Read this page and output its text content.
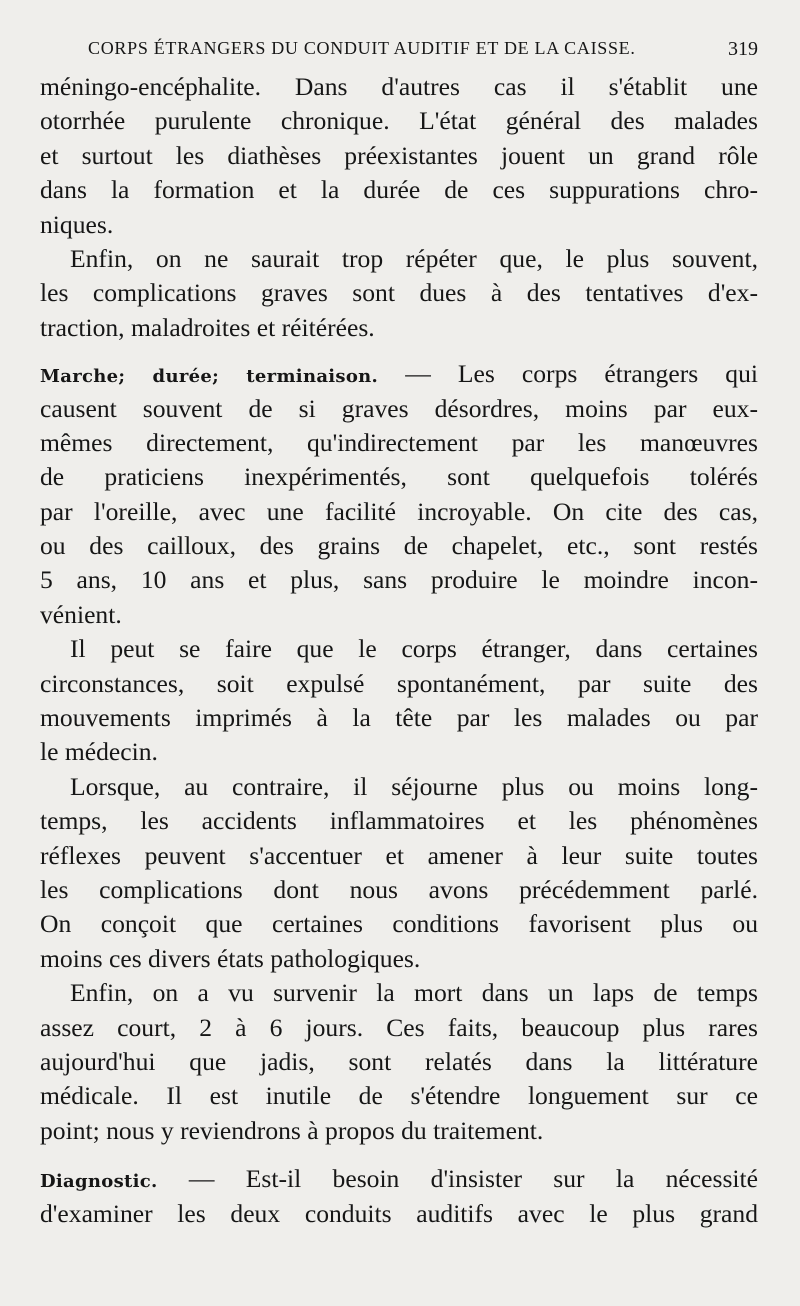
CORPS ÉTRANGERS DU CONDUIT AUDITIF ET DE LA CAISSE.	319
méningo-encéphalite. Dans d'autres cas il s'établit une
otorrhée purulente chronique. L'état général des malades
et surtout les diathèses préexistantes jouent un grand rôle
dans la formation et la durée de ces suppurations chro-
niques.
Enfin, on ne saurait trop répéter que, le plus souvent,
les complications graves sont dues à des tentatives d'ex-
traction, maladroites et réitérées.
Marche; durée; terminaison. — Les corps étrangers qui
causent souvent de si graves désordres, moins par eux-
mêmes directement, qu'indirectement par les manœuvres
de praticiens inexpérimentés, sont quelquefois tolérés
par l'oreille, avec une facilité incroyable. On cite des cas,
ou des cailloux, des grains de chapelet, etc., sont restés
5 ans, 10 ans et plus, sans produire le moindre incon-
vénient.
Il peut se faire que le corps étranger, dans certaines
circonstances, soit expulsé spontanément, par suite des
mouvements imprimés à la tête par les malades ou par
le médecin.
Lorsque, au contraire, il séjourne plus ou moins long-
temps, les accidents inflammatoires et les phénomènes
réflexes peuvent s'accentuer et amener à leur suite toutes
les complications dont nous avons précédemment parlé.
On conçoit que certaines conditions favorisent plus ou
moins ces divers états pathologiques.
Enfin, on a vu survenir la mort dans un laps de temps
assez court, 2 à 6 jours. Ces faits, beaucoup plus rares
aujourd'hui que jadis, sont relatés dans la littérature
médicale. Il est inutile de s'étendre longuement sur ce
point; nous y reviendrons à propos du traitement.
Diagnostic. — Est-il besoin d'insister sur la nécessité
d'examiner les deux conduits auditifs avec le plus grand
